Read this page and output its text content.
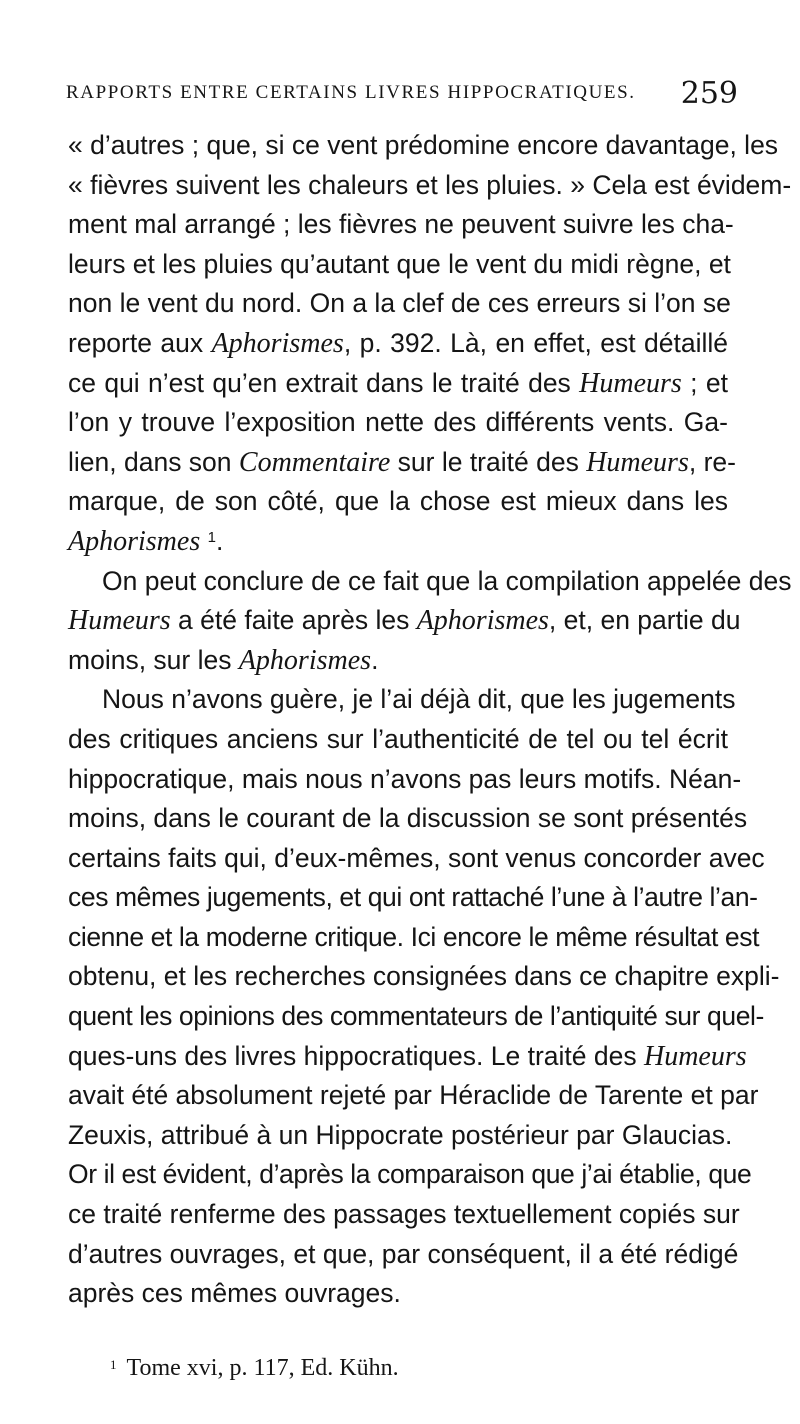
RAPPORTS ENTRE CERTAINS LIVRES HIPPOCRATIQUES. 259
« d’autres ; que, si ce vent prédomine encore davantage, les
« fièvres suivent les chaleurs et les pluies. » Cela est évidem-
ment mal arrangé ; les fièvres ne peuvent suivre les cha-
leurs et les pluies qu’autant que le vent du midi règne, et
non le vent du nord. On a la clef de ces erreurs si l’on se
reporte aux Aphorismes, p. 392. Là, en effet, est détaillé
ce qui n’est qu’en extrait dans le traité des Humeurs ; et
l’on y trouve l’exposition nette des différents vents. Ga-
lien, dans son Commentaire sur le traité des Humeurs, re-
marque, de son côté, que la chose est mieux dans les
Aphorismes $^1$.
On peut conclure de ce fait que la compilation appelée des
Humeurs a été faite après les Aphorismes, et, en partie du
moins, sur les Aphorismes.
Nous n’avons guère, je l’ai déjà dit, que les jugements
des critiques anciens sur l’authenticité de tel ou tel écrit
hippocratique, mais nous n’avons pas leurs motifs. Néan-
moins, dans le courant de la discussion se sont présentés
certains faits qui, d’eux-mêmes, sont venus concorder avec
ces mêmes jugements, et qui ont rattaché l’une à l’autre l’an-
cienne et la moderne critique. Ici encore le même résultat est
obtenu, et les recherches consignées dans ce chapitre expli-
quent les opinions des commentateurs de l’antiquité sur quel-
ques-uns des livres hippocratiques. Le traité des Humeurs
avait été absolument rejeté par Héraclide de Tarente et par
Zeuxis, attribué à un Hippocrate postérieur par Glaucias.
Or il est évident, d’après la comparaison que j’ai établie, que
ce traité renferme des passages textuellement copiés sur
d’autres ouvrages, et que, par conséquent, il a été rédigé
après ces mêmes ouvrages.
$^1$ Tome xvi, p. 117, Ed. Kühn.
